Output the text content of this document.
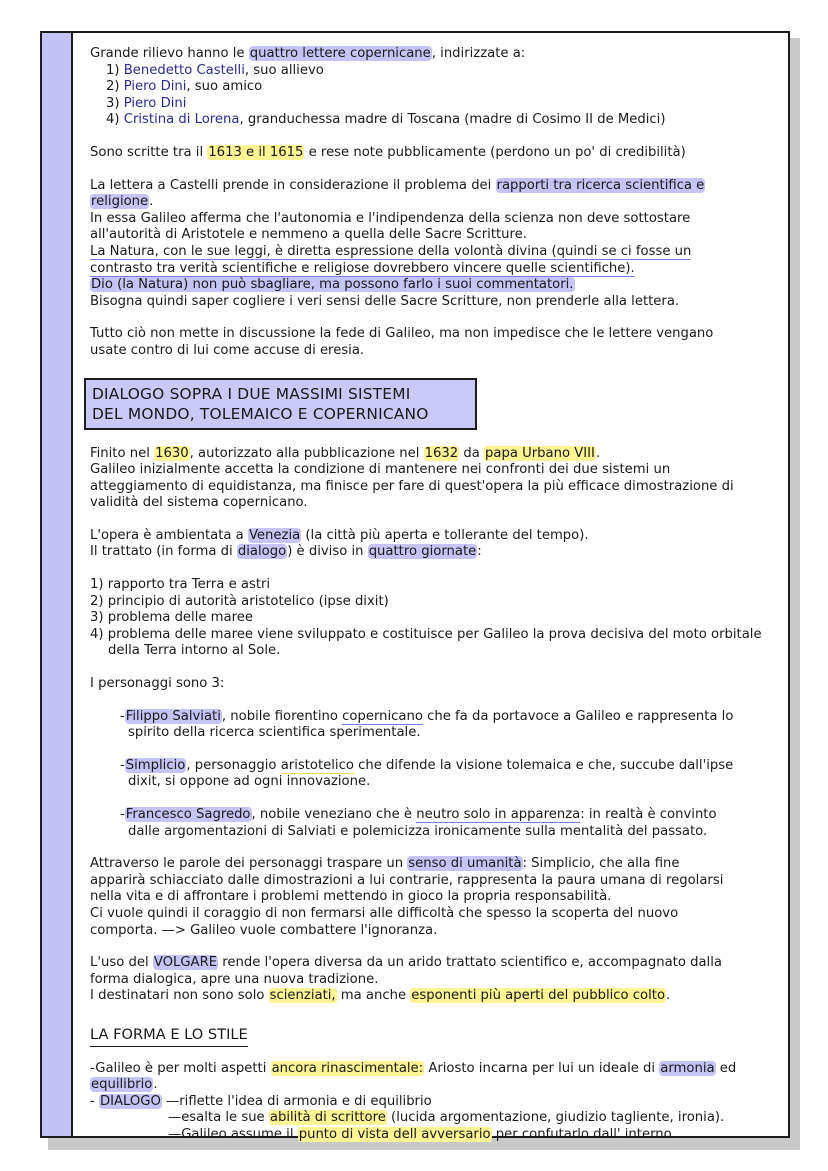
Grande rilievo hanno le quattro lettere copernicane, indirizzate a:

1) Benedetto Castelli, suo allievo

2) Piero Dini, suo amico

3) Piero Dini

4) Cristina di Lorena, granduchessa madre di Toscana (madre di Cosimo II de Medici)

Sono scritte tra il 1613 e il 1615 e rese note pubblicamente (perdono un po' di credibilità)

La lettera a Castelli prende in considerazione il problema dei rapporti tra ricerca scientifica e

religione.

In essa Galileo afferma che l'autonomia e l'indipendenza della scienza non deve sottostare

all'autorità di Aristotele e nemmeno a quella delle Sacre Scritture.

La Natura, con le sue leggi, è diretta espressione della volontà divina (quindi se ci fosse un

contrasto tra verità scientifiche e religiose dovrebbero vincere quelle scientifiche).

Dio (la Natura) non può sbagliare, ma possono farlo i suoi commentatori.

Bisogna quindi saper cogliere i veri sensi delle Sacre Scritture, non prenderle alla lettera.

Tutto ciò non mette in discussione la fede di Galileo, ma non impedisce che le lettere vengano

usate contro di lui come accuse di eresia.

DIALOGO SOPRA I DUE MASSIMI SISTEMI
DEL MONDO, TOLEMAICO E COPERNICANO

Finito nel 1630, autorizzato alla pubblicazione nel 1632 da papa Urbano VIII.

Galileo inizialmente accetta la condizione di mantenere nei confronti dei due sistemi un

atteggiamento di equidistanza, ma finisce per fare di quest'opera la più efficace dimostrazione di

validità del sistema copernicano.

L'opera è ambientata a Venezia (la città più aperta e tollerante del tempo).

Il trattato (in forma di dialogo) è diviso in quattro giornate:

1) rapporto tra Terra e astri

2) principio di autorità aristotelico (ipse dixit)

3) problema delle maree

4) problema delle maree viene sviluppato e costituisce per Galileo la prova decisiva del moto orbitale della Terra intorno al Sole.

I personaggi sono 3:

-Filippo Salviati, nobile fiorentino copernicano che fa da portavoce a Galileo e rappresenta lo

spirito della ricerca scientifica sperimentale.

-Simplicio, personaggio aristotelico che difende la visione tolemaica e che, succube dall'ipse

dixit, si oppone ad ogni innovazione.

-Francesco Sagredo, nobile veneziano che è neutro solo in apparenza: in realtà è convinto

dalle argomentazioni di Salviati e polemicizza ironicamente sulla mentalità del passato.

Attraverso le parole dei personaggi traspare un senso di umanità: Simplicio, che alla fine

apparirà schiacciato dalle dimostrazioni a lui contrarie, rappresenta la paura umana di regolarsi

nella vita e di affrontare i problemi mettendo in gioco la propria responsabilità.

Ci vuole quindi il coraggio di non fermarsi alle difficoltà che spesso la scoperta del nuovo

comporta. —> Galileo vuole combattere l'ignoranza.

L'uso del VOLGARE rende l'opera diversa da un arido trattato scientifico e, accompagnato dalla

forma dialogica, apre una nuova tradizione.

I destinatari non sono solo scienziati, ma anche esponenti più aperti del pubblico colto.

LA FORMA E LO STILE

-Galileo è per molti aspetti ancora rinascimentale: Ariosto incarna per lui un ideale di armonia ed

equilibrio.

- DIALOGO —riflette l'idea di armonia e di equilibrio

—esalta le sue abilità di scrittore (lucida argomentazione, giudizio tagliente, ironia).

—Galileo assume il punto di vista dell avversario per confutarlo dall' interno
